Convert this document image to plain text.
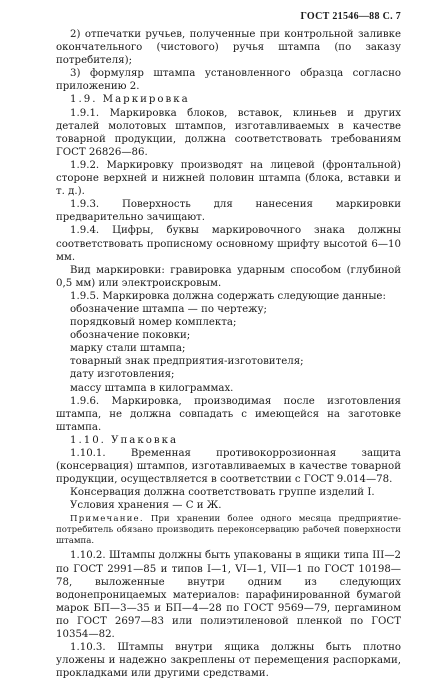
ГОСТ 21546—88 С. 7

2) отпечатки ручьев, полученные при контрольной заливке окончательного (чистового) ручья штампа (по заказу потребителя);

3) формуляр штампа установленного образца согласно приложению 2.

1.9. Маркировка

1.9.1. Маркировка блоков, вставок, клиньев и других деталей молотовых штампов, изготавливаемых в качестве товарной продукции, должна соответствовать требованиям ГОСТ 26826—86.

1.9.2. Маркировку производят на лицевой (фронтальной) стороне верхней и нижней половин штампа (блока, вставки и т. д.).

1.9.3. Поверхность для нанесения маркировки предварительно зачищают.

1.9.4. Цифры, буквы маркировочного знака должны соответствовать прописному основному шрифту высотой 6—10 мм.

Вид маркировки: гравировка ударным способом (глубиной 0,5 мм) или электроискровым.

1.9.5. Маркировка должна содержать следующие данные:

обозначение штампа — по чертежу;

порядковый номер комплекта;

обозначение поковки;

марку стали штампа;

товарный знак предприятия-изготовителя;

дату изготовления;

массу штампа в килограммах.

1.9.6. Маркировка, производимая после изготовления штампа, не должна совпадать с имеющейся на заготовке штампа.

1.10. Упаковка

1.10.1. Временная противокоррозионная защита (консервация) штампов, изготавливаемых в качестве товарной продукции, осуществляется в соответствии с ГОСТ 9.014—78.

Консервация должна соответствовать группе изделий I.

Условия хранения — С и Ж.

Примечание. При хранении более одного месяца предприятие-потребитель обязано производить переконсервацию рабочей поверхности штампа.

1.10.2. Штампы должны быть упакованы в ящики типа III—2 по ГОСТ 2991—85 и типов I—1, VI—1, VII—1 по ГОСТ 10198—78, выложенные внутри одним из следующих водонепроницаемых материалов: парафинированной бумагой марок БП—3—35 и БП—4—28 по ГОСТ 9569—79, пергамином по ГОСТ 2697—83 или полиэтиленовой пленкой по ГОСТ 10354—82.

1.10.3. Штампы внутри ящика должны быть плотно уложены и надежно закреплены от перемещения распорками, прокладками или другими средствами.
